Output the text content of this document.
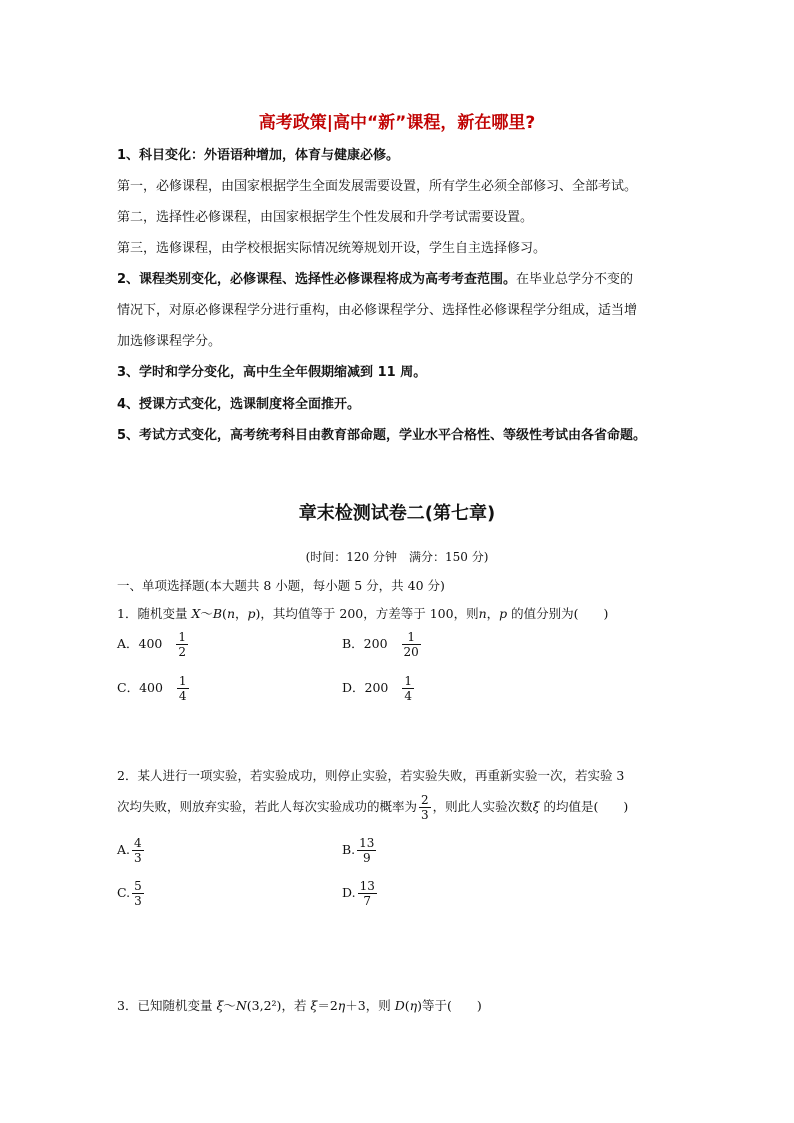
高考政策|高中“新”课程，新在哪里?
1、科目变化：外语语种增加，体育与健康必修。
第一，必修课程，由国家根据学生全面发展需要设置，所有学生必须全部修习、全部考试。
第二，选择性必修课程，由国家根据学生个性发展和升学考试需要设置。
第三，选修课程，由学校根据实际情况统筹规划开设，学生自主选择修习。
2、课程类别变化，必修课程、选择性必修课程将成为高考考查范围。在毕业总学分不变的
情况下，对原必修课程学分进行重构，由必修课程学分、选择性必修课程学分组成，适当增
加选修课程学分。
3、学时和学分变化，高中生全年假期缩减到 11 周。
4、授课方式变化，选课制度将全面推开。
5、考试方式变化，高考统考科目由教育部命题，学业水平合格性、等级性考试由各省命题。
章末检测试卷二(第七章)
(时间：120 分钟　满分：150 分)
一、单项选择题(本大题共 8 小题，每小题 5 分，共 40 分)
1．随机变量 X～B(n，p)，其均值等于 200，方差等于 100，则n，p 的值分别为(　　)
A．$400 \frac{1}{2}$	B．$200 \frac{1}{20}$
C．$400 \frac{1}{4}$	D．$200 \frac{1}{4}$
2．某人进行一项实验，若实验成功，则停止实验，若实验失败，再重新实验一次，若实验 3
次均失败，则放弃实验，若此人每次实验成功的概率为 $\frac{2}{3}$ ，则此人实验次数ξ 的均值是(　　)
A. $\frac{4}{3}$	B. $\frac{13}{9}$
C. $\frac{5}{3}$	D. $\frac{13}{7}$
3．已知随机变量 ξ～N(3,2²)，若 ξ＝2η＋3，则 D(η)等于(　　)
